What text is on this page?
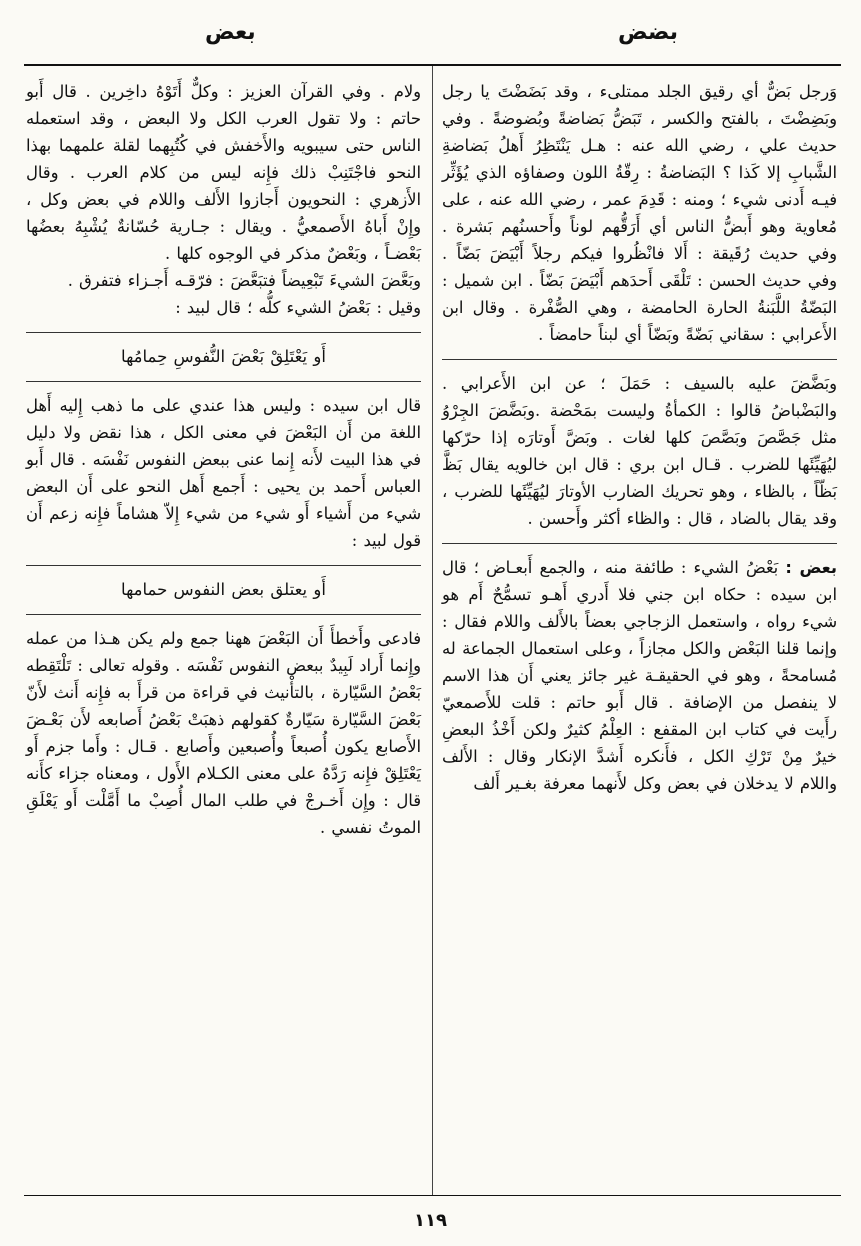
بضض
بعض

وَرجل بَضٌّ أي رقيق الجلد ممتلىء ، وقد بَضَضْتَ يا رجل وبَضِضْتَ ، بالفتح والكسر ، تَبَضُّ بَضاضةً وبُضوضةً . وفي حديث علي ، رضي الله عنه : هـل يَنْتَظِرُ أَهلُ بَضاضةِ الشَّبابِ إلا كَذا ؟ البَضاضةُ : رِقّةُ اللون وصفاؤه الذي يُؤَثِّر فيـه أَدنى شيء ؛ ومنه : قَدِمَ عمر ، رضي الله عنه ، على مُعاوية وهو أَبضُّ الناس أي أَرَقُّهم لوناً وأَحسنُهم بَشرة . وفي حديث رُقَيقة : أَلا فانْظُروا فيكم رجلاً أَبْيَضَ بَضّاً . وفي حديث الحسن : تَلْقَى أَحدَهم أَبْيَضَ بَضّاً . ابن شميل : البَضّةُ اللَّبَنةُ الحارة الحامضة ، وهي الصُّفْرة . وقال ابن الأَعرابي : سقاني بَضّةً وبَضّاً أي لبناً حامضاً .

وبَضَّضَ عليه بالسيف : حَمَلَ ؛ عن ابن الأَعرابي . والبَضْباضُ قالوا : الكمأةُ وليست بمَحْضة .وبَضَّضَ الجِرْوُ مثل جَصَّصَ وبَصَّصَ كلها لغات . وبَضَّ أَوتارَه إذا حرّكها ليُهَيِّئَها للضرب . قـال ابن بري : قال ابن خالويه يقال بَظَّ بَظّاً ، بالظاء ، وهو تحريك الضارب الأوتارَ ليُهَيِّئَها للضرب ، وقد يقال بالضاد ، قال : والظاء أكثر وأَحسن .

بعض : بَعْضُ الشيء : طائفة منه ، والجمع أَبعـاض ؛ قال ابن سيده : حكاه ابن جني فلا أَدري أَهـو تسمُّحٌ أَم هو شيء رواه ، واستعمل الزجاجي بعضاً بالأَلف واللام فقال : وإنما قلنا البَعْض والكل مجازاً ، وعلى استعمال الجماعة له مُسامحةً ، وهو في الحقيقـة غير جائز يعني أَن هذا الاسم لا ينفصل من الإضافة . قال أَبو حاتم : قلت للأَصمعيّ رأَيت في كتاب ابن المقفع : العِلْمُ كثيرٌ ولكن أَخْذُ البعضِ خيرٌ مِنْ تَرْكِ الكل ، فأَنكره أَشدَّ الإنكار وقال : الأَلف واللام لا يدخلان في بعض وكل لأَنهما معرفة بغـير أَلف

ولام . وفي القرآن العزيز : وكلٌّ أَتَوْهُ داخِرين . قال أَبو حاتم : ولا تقول العرب الكل ولا البعض ، وقد استعمله الناس حتى سيبويه والأَخفش في كُتُبِهما لقلة علمهما بهذا النحو فاجْتَنِبْ ذلك فإِنه ليس من كلام العرب . وقال الأَزهري : النحويون أَجازوا الأَلف واللام في بعض وكل ، وإِنْ أَباهُ الأَصمعيُّ . ويقال : جـارية حُسّانةٌ يُشْبِهُ بعضُها بَعْضـاً ، وبَعْضٌ مذكر في الوجوه كلها .

وبَعَّضَ الشيءَ تَبْعِيضاً فتبَعَّضَ : فرّقـه أَجـزاء فتفرق .

وقيل : بَعْضُ الشيء كلُّه ؛ قال لبيد :

أَو يَعْتَلِقْ بَعْضَ النُّفوسِ حِمامُها

قال ابن سيده : وليس هذا عندي على ما ذهب إِليه أَهل اللغة من أَن البَعْضَ في معنى الكل ، هذا نقض ولا دليل في هذا البيت لأَنه إِنما عنى ببعض النفوس نَفْسَه . قال أَبو العباس أَحمد بن يحيى : أَجمع أَهل النحو على أَن البعض شيء من أَشياء أَو شيء من شيء إِلاّ هشاماً فإِنه زعم أَن قول لبيد :

أَو يعتلق بعض النفوس حمامها

فادعى وأَخطأَ أَن البَعْضَ ههنا جمع ولم يكن هـذا من عمله وإِنما أَراد لَبِيدٌ ببعض النفوس نَفْسَه . وقوله تعالى : تَلْتَقِطه بَعْضُ السَّيّارة ، بالتأْنيث في قراءة من قرأَ به فإِنه أَنث لأَنّ بَعْضَ السَّيّارة سَيّارةٌ كقولهم ذهبَتْ بَعْضُ أَصابعه لأَن بَعْـضَ الأَصابع يكون أُصبعاً وأُصبعين وأَصابع . قـال : وأَما جزم أَو يَعْتَلِقْ فإِنه رَدَّهُ على معنى الكـلام الأَول ، ومعناه جزاء كأَنه قال : وإِن أَخـرجْ في طلب المال أُصِبْ ما أَمَّلْت أَو يَعْلَقِ الموتُ نفسي .

١١٩
